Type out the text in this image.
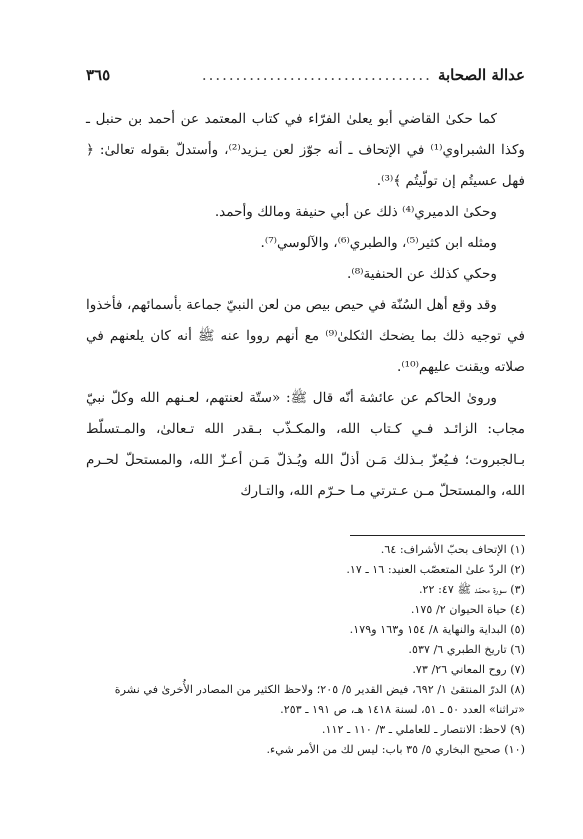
عدالة الصحابة
..................................
٣٦٥

كما حكىٰ القاضي أبو يعلىٰ الفرّاء في كتاب المعتمد عن أحمد بن حنبل ـ وكذا الشبراوي⁽¹⁾ في الإتحاف ـ أنه جوّز لعن يـزيد⁽²⁾، وأستدلّ بقوله تعالىٰ: ﴿ فهل عسيتُم إن تولّيتُم ﴾⁽³⁾.

وحكىٰ الدميري⁽⁴⁾ ذلك عن أبي حنيفة ومالك وأحمد.

ومثله ابن كثير⁽⁵⁾، والطبري⁽⁶⁾، والآلوسي⁽⁷⁾.

وحكي كذلك عن الحنفية⁽⁸⁾.

وقد وقع أهل السُنّة في حيص بيص من لعن النبيّ جماعة بأسمائهم، فأخذوا في توجيه ذلك بما يضحك الثكلىٰ⁽⁹⁾ مع أنهم رووا عنه ﷺ أنه كان يلعنهم في صلاته ويقنت عليهم⁽¹⁰⁾.

وروىٰ الحاكم عن عائشة أنّه قال ﷺ: «ستّة لعنتهم، لعـنهم الله وكلّ نبيّ مجاب: الزائـد فـي كـتاب الله، والمكـذّب بـقدر الله تـعالىٰ، والمـتسلّط بـالجبروت؛ فـيُعزّ بـذلك مَـن أذلّ الله ويُـذلّ مَـن أعـزّ الله، والمستحلّ لحـرم الله، والمستحلّ مـن عـترتي مـا حـرّم الله، والتـارك

(١) الإتحاف بحبّ الأشراف: ٦٤.

(٢) الردّ علىٰ المتعصّب العنيد: ١٦ ـ ١٧.

(٣) سورة محمّد ﷺ ٤٧: ٢٢.

(٤) حياة الحيوان ٢/ ١٧٥.

(٥) البداية والنهاية ٨/ ١٥٤ و١٦٣ و١٧٩.

(٦) تاريخ الطبري ٦/ ٥٣٧.

(٧) روح المعاني ٢٦/ ٧٣.

(٨) الدرّ المنتقىٰ ١/ ٦٩٢، فيض القدير ٥/ ٢٠٥؛ ولاحظ الكثير من المصادر الأُخرىٰ في نشرة «تراثنا» العدد ٥٠ ـ ٥١، لسنة ١٤١٨ هـ، ص ١٩١ ـ ٢٥٣.

(٩) لاحظ: الانتصار ـ للعاملي ـ ٣/ ١١٠ ـ ١١٢.

(١٠) صحيح البخاري ٥/ ٣٥ باب: ليس لك من الأمر شيء.
